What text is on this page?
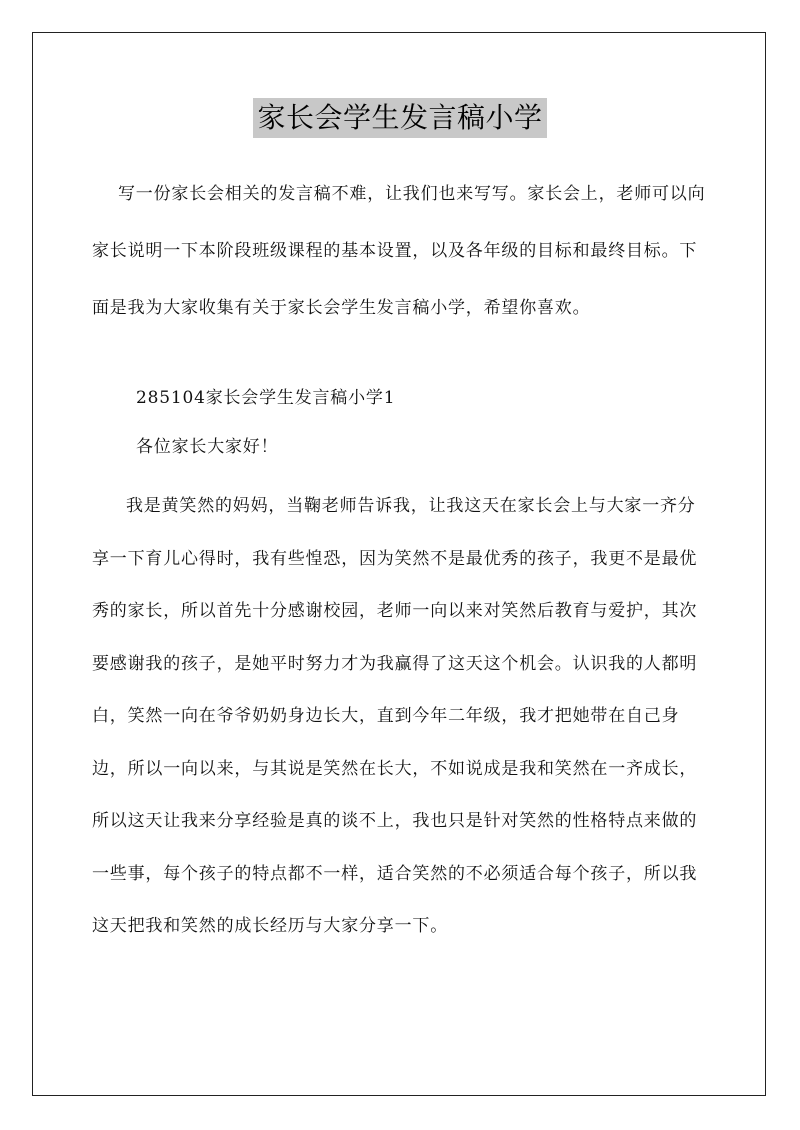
家长会学生发言稿小学

写一份家长会相关的发言稿不难，让我们也来写写。家长会上，老师可以向家长说明一下本阶段班级课程的基本设置，以及各年级的目标和最终目标。下面是我为大家收集有关于家长会学生发言稿小学，希望你喜欢。

285104家长会学生发言稿小学1

各位家长大家好！

我是黄笑然的妈妈，当鞠老师告诉我，让我这天在家长会上与大家一齐分享一下育儿心得时，我有些惶恐，因为笑然不是最优秀的孩子，我更不是最优秀的家长，所以首先十分感谢校园，老师一向以来对笑然后教育与爱护，其次要感谢我的孩子，是她平时努力才为我赢得了这天这个机会。认识我的人都明白，笑然一向在爷爷奶奶身边长大，直到今年二年级，我才把她带在自己身边，所以一向以来，与其说是笑然在长大，不如说成是我和笑然在一齐成长，所以这天让我来分享经验是真的谈不上，我也只是针对笑然的性格特点来做的一些事，每个孩子的特点都不一样，适合笑然的不必须适合每个孩子，所以我这天把我和笑然的成长经历与大家分享一下。
